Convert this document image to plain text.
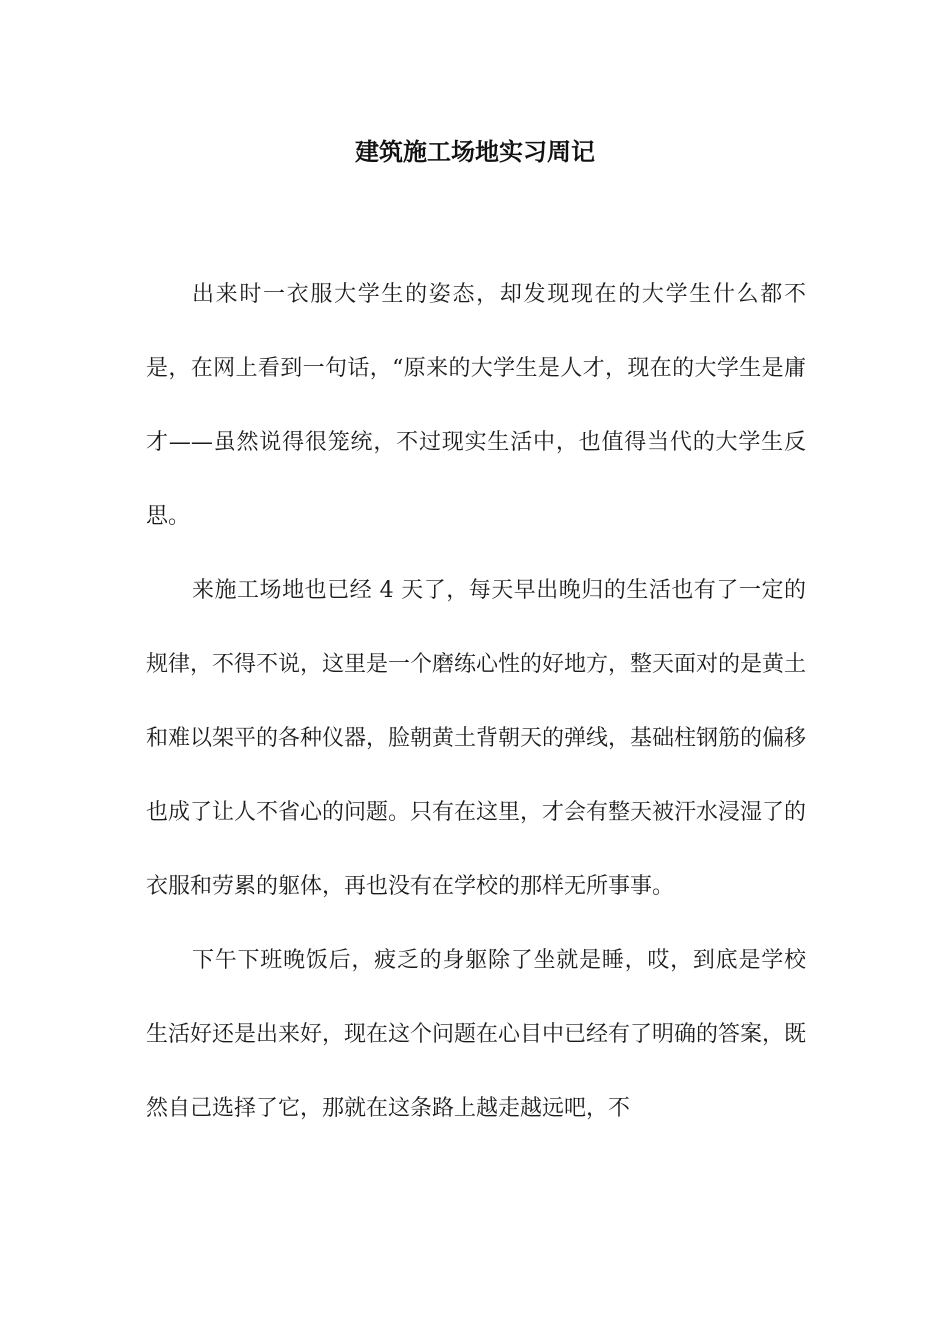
建筑施工场地实习周记

出来时一衣服大学生的姿态，却发现现在的大学生什么都不是，在网上看到一句话，“原来的大学生是人才，现在的大学生是庸才——虽然说得很笼统，不过现实生活中，也值得当代的大学生反思。

来施工场地也已经 4 天了，每天早出晚归的生活也有了一定的规律，不得不说，这里是一个磨练心性的好地方，整天面对的是黄土和难以架平的各种仪器，脸朝黄土背朝天的弹线，基础柱钢筋的偏移也成了让人不省心的问题。只有在这里，才会有整天被汗水浸湿了的衣服和劳累的躯体，再也没有在学校的那样无所事事。

下午下班晚饭后，疲乏的身躯除了坐就是睡，哎，到底是学校生活好还是出来好，现在这个问题在心目中已经有了明确的答案，既然自己选择了它，那就在这条路上越走越远吧，不
